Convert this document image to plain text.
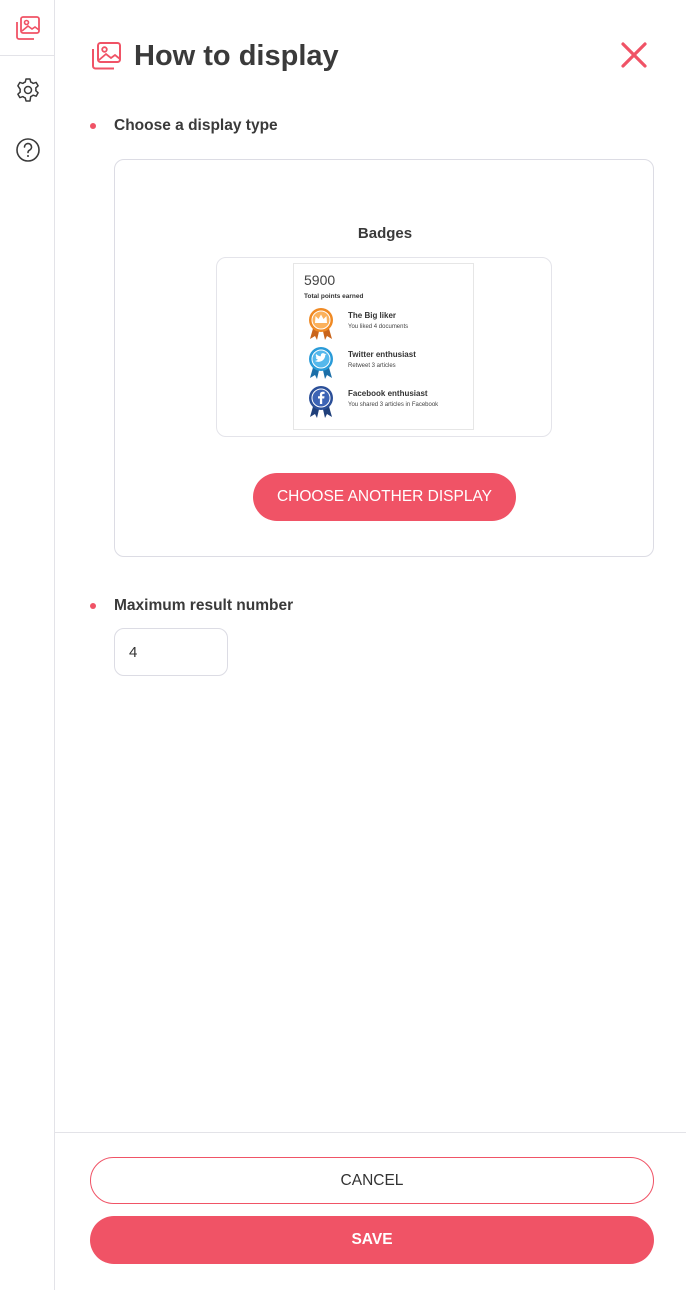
How to display
Choose a display type
Badges
5900
Total points earned
The Big liker
You liked 4 documents
Twitter enthusiast
Retweet 3 articles
Facebook enthusiast
You shared 3 articles in Facebook
CHOOSE ANOTHER DISPLAY
Maximum result number
4
CANCEL
SAVE
